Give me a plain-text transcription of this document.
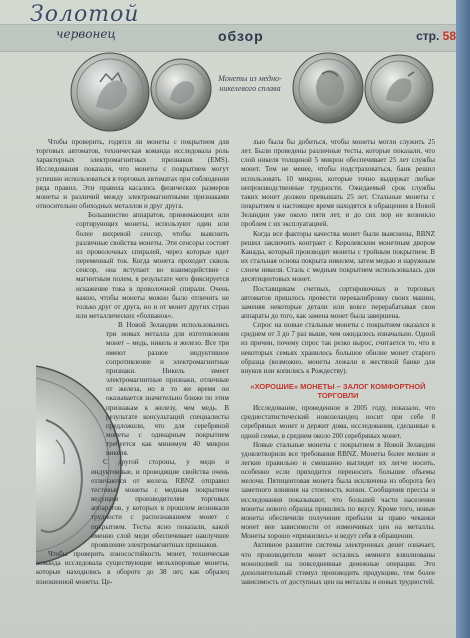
Золотой
червонец	обзор	стр. 58
Монеты из медно-никелевого сплава

Чтобы проверить, годятся ли монеты с покрытием для торговых автоматов, техническая команда исследовала роль характерных электромагнитных признаков (EMS). Исследования показали, что монеты с покрытием могут успешно использоваться в торговых автоматах при соблюдении ряда правил. Эти правила касались физических размеров монеты и различий между электромагнитными признаками относительно обиходных металлов и друг друга.

Большинство аппаратов, принимающих или сортирующих монеты, используют один или более вихревой сенсор, чтобы выяснить различные свойства монеты. Эти сенсоры состоят из проволочных спиралей, через которые идет переменный ток. Когда монета проходит сквозь сенсор, она вступает во взаимодействие с магнитным полем, в результате чего фиксируется искажение тока в проволочной спирали. Очень важно, чтобы монеты можно было отличить не только друг от друга, но и от монет других стран или металлических «болванок».

В Новой Зеландии использовались три новых металла для изготовления монет – медь, никель и железо. Все три имеют разное индуктивное сопротивление и электромагнитные признаки. Никель имеет электромагнитные признаки, отличные от железа, но в то же время он оказывается значительно ближе по этим признакам к железу, чем медь. В результате консультаций специалисты предложили, что для серебряной монеты с одинарным покрытием требуется как минимум 40 микрон никеля.

С другой стороны, у меди и индуктивные, и проводящие свойства очень отличаются от железа. RBNZ отправил тестовые монеты с медным покрытием ведущим производителям торговых аппаратов, у которых в прошлом возникали трудности с распознаванием монет с покрытием. Тесты ясно показали, какой именно слой меди обеспечивает наилучшее проявление электромагнитных признаков.

Чтобы проверить износостойкость монет, техническая команда исследовала существующие мельхиоровые монеты, которые находились в обороте до 38 лет, как образец изношенной монеты. Це-

лью была бы добиться, чтобы монеты могли служить 25 лет. Были проведены различные тесты, которые показали, что слой никеля толщиной 5 микрон обеспечивает 25 лет службы монет. Тем не менее, чтобы подстраховаться, банк решил использовать 10 микрон, которые точно выдержат любые непроизводственные трудности. Ожидаемый срок службы таких монет должен превышать 25 лет. Стальные монеты с покрытием в настоящее время находятся в обращении в Новой Зеландии уже около пяти лет, и до сих пор не возникло проблем с их эксплуатацией.

Когда все факторы качества монет были выяснены, RBNZ решил заключить контракт с Королевским монетным двором Канады, который производит монеты с тройным покрытием. В их стальная основа покрыта никелем, затем медью и наружным слоем никеля. Сталь с медным покрытием использовалась для десятицентовых монет.

Поставщикам счетных, сортировочных и торговых автоматов пришлось провести перекалибровку своих машин, заменяя некоторые детали или вовсе перерабатывая свои аппараты до того, как замена монет была завершена.

Спрос на новые стальные монеты с покрытием оказался в среднем от 3 до 7 раз выше, чем ожидалось изначально. Одной из причин, почему спрос так резко вырос, считается то, что в некоторых семьях хранилось большое обилие монет старого образца (возможно, монеты лежали в жестяной банке для внуков или копились к Рождеству).

«ХОРОШИЕ» МОНЕТЫ – ЗАЛОГ КОМФОРТНОЙ ТОРГОВЛИ

Исследование, проведенное в 2005 году, показало, что среднестатистический новозеландец носит при себе 8 серебряных монет и держит дома, исследования, сделанные в одной семье, в среднем около 200 серебряных монет.

Новые стальные монеты с покрытием в Новой Зеландии удовлетворили все требования RBNZ. Монеты более мелкие и легкие правильно и смешанно выглядят их легче носить, особенно если приходится переносить большие объемы мелочи. Пятицентовая монета была исключена из оборота без заметного влияния на стоимость жизни. Сообщения прессы и исследования показывают, что большей части населения монеты нового образца пришлись по вкусу. Кроме того, новые монеты обеспечили получение прибыли за право чеканки монет вне зависимости от изменчивых цен на металлы. Монеты хорошо «прижились» и ведут себя в обращении.

Активное развитие системы электронных денег означает, что производители монет остались немного взволнованы монополией на повседневные денежные операции. Это дополнительный стимул производить продукцию, тем более зависимость от доступных цен на металлы и новых трудностей.
